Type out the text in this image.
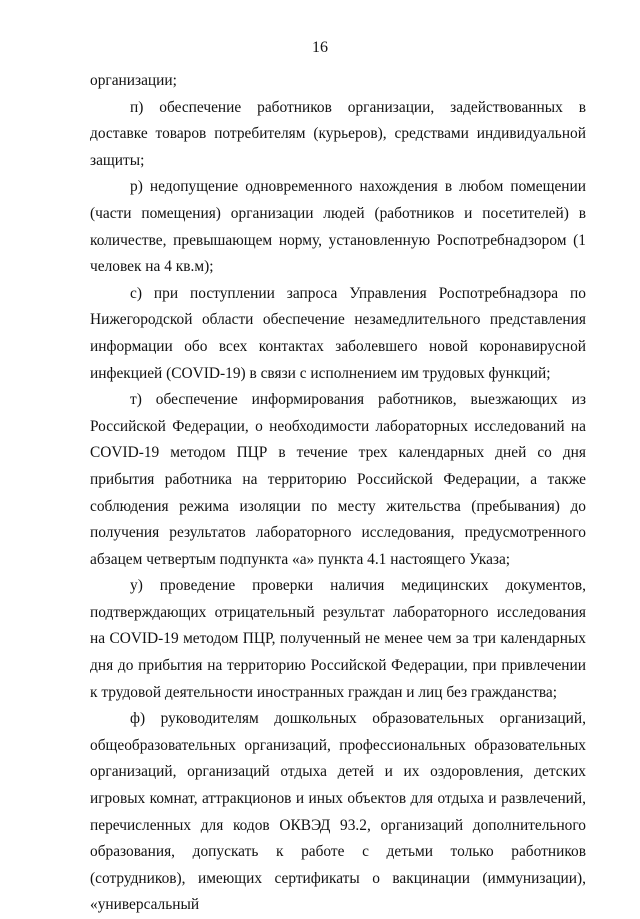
16

организации;

п) обеспечение работников организации, задействованных в доставке товаров потребителям (курьеров), средствами индивидуальной защиты;

р) недопущение одновременного нахождения в любом помещении (части помещения) организации людей (работников и посетителей) в количестве, превышающем норму, установленную Роспотребнадзором (1 человек на 4 кв.м);

с) при поступлении запроса Управления Роспотребнадзора по Нижегородской области обеспечение незамедлительного представления информации обо всех контактах заболевшего новой коронавирусной инфекцией (COVID-19) в связи с исполнением им трудовых функций;

т) обеспечение информирования работников, выезжающих из Российской Федерации, о необходимости лабораторных исследований на COVID-19 методом ПЦР в течение трех календарных дней со дня прибытия работника на территорию Российской Федерации, а также соблюдения режима изоляции по месту жительства (пребывания) до получения результатов лабораторного исследования, предусмотренного абзацем четвертым подпункта «а» пункта 4.1 настоящего Указа;

у) проведение проверки наличия медицинских документов, подтверждающих отрицательный результат лабораторного исследования на COVID-19 методом ПЦР, полученный не менее чем за три календарных дня до прибытия на территорию Российской Федерации, при привлечении к трудовой деятельности иностранных граждан и лиц без гражданства;

ф) руководителям дошкольных образовательных организаций, общеобразовательных организаций, профессиональных образовательных организаций, организаций отдыха детей и их оздоровления, детских игровых комнат, аттракционов и иных объектов для отдыха и развлечений, перечисленных для кодов ОКВЭД 93.2, организаций дополнительного образования, допускать к работе с детьми только работников (сотрудников), имеющих сертификаты о вакцинации (иммунизации), «универсальный
